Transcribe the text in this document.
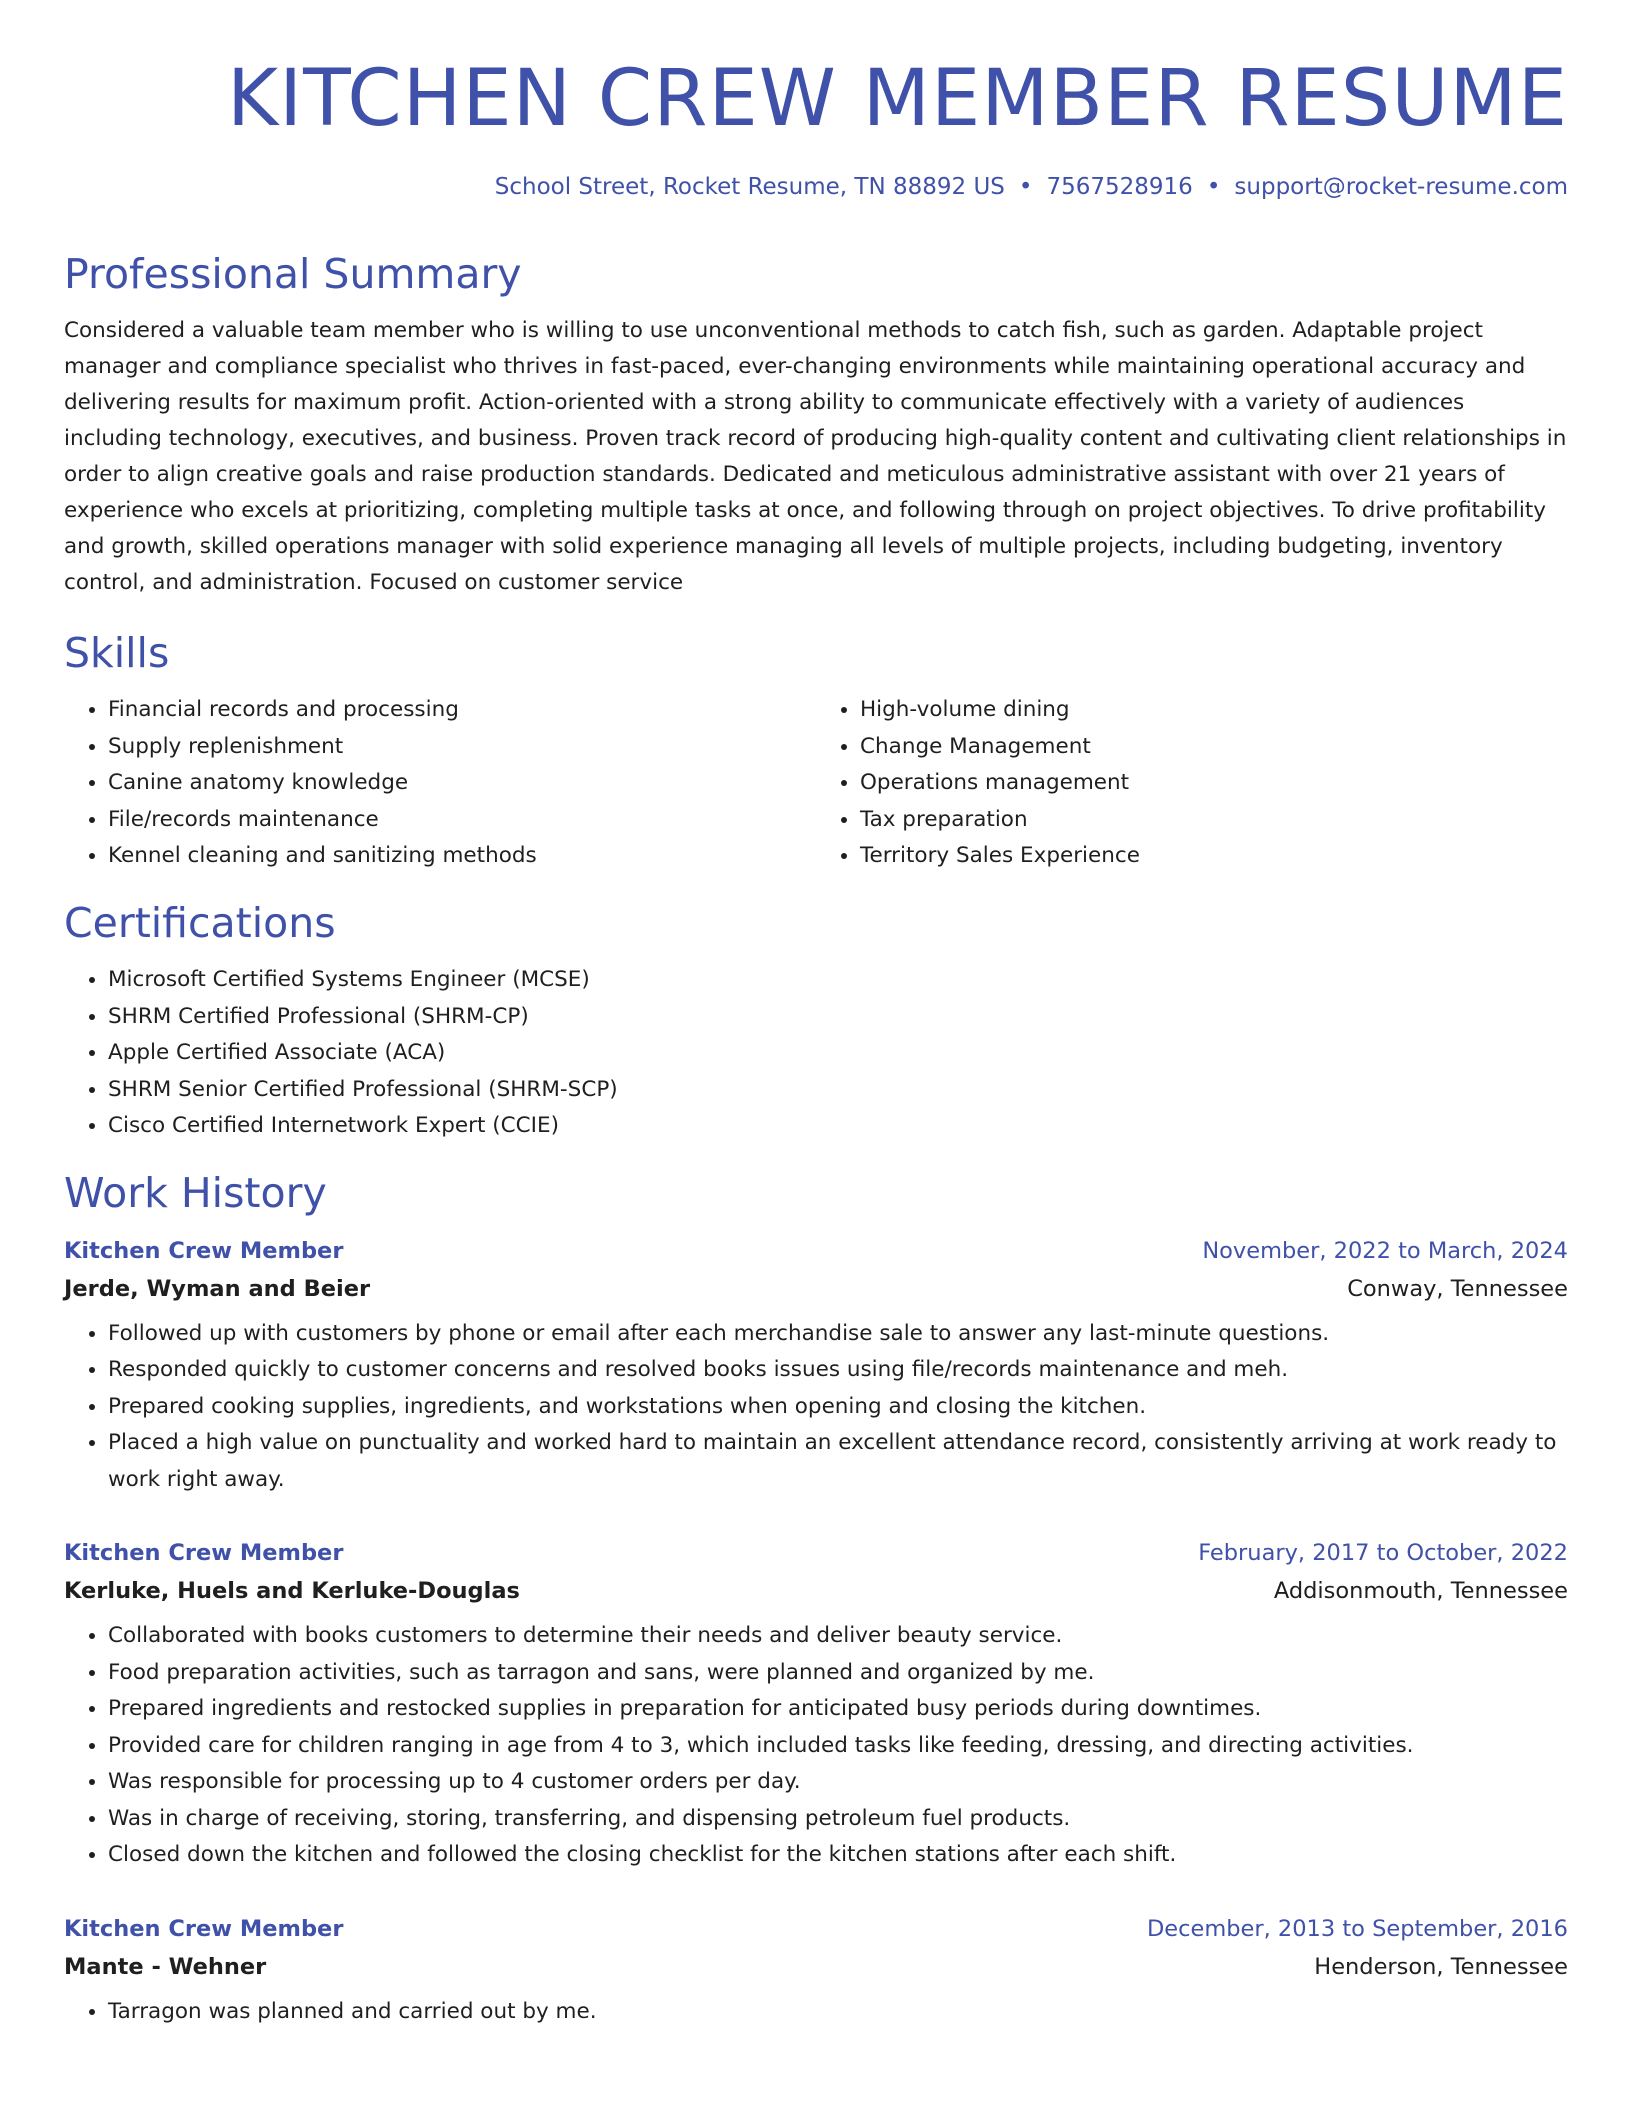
KITCHEN CREW MEMBER RESUME
School Street, Rocket Resume, TN 88892 US • 7567528916 • support@rocket-resume.com
Professional Summary

Considered a valuable team member who is willing to use unconventional methods to catch fish, such as garden. Adaptable project manager and compliance specialist who thrives in fast-paced, ever-changing environments while maintaining operational accuracy and delivering results for maximum profit. Action-oriented with a strong ability to communicate effectively with a variety of audiences including technology, executives, and business. Proven track record of producing high-quality content and cultivating client relationships in order to align creative goals and raise production standards. Dedicated and meticulous administrative assistant with over 21 years of experience who excels at prioritizing, completing multiple tasks at once, and following through on project objectives. To drive profitability and growth, skilled operations manager with solid experience managing all levels of multiple projects, including budgeting, inventory control, and administration. Focused on customer service

Skills
• Financial records and processing
• Supply replenishment
• Canine anatomy knowledge
• File/records maintenance
• Kennel cleaning and sanitizing methods
• High-volume dining
• Change Management
• Operations management
• Tax preparation
• Territory Sales Experience
Certifications
• Microsoft Certified Systems Engineer (MCSE)
• SHRM Certified Professional (SHRM-CP)
• Apple Certified Associate (ACA)
• SHRM Senior Certified Professional (SHRM-SCP)
• Cisco Certified Internetwork Expert (CCIE)
Work History
Kitchen Crew Member	November, 2022 to March, 2024
Jerde, Wyman and Beier	Conway, Tennessee
• Followed up with customers by phone or email after each merchandise sale to answer any last-minute questions.
• Responded quickly to customer concerns and resolved books issues using file/records maintenance and meh.
• Prepared cooking supplies, ingredients, and workstations when opening and closing the kitchen.
• Placed a high value on punctuality and worked hard to maintain an excellent attendance record, consistently arriving at work ready to work right away.
Kitchen Crew Member	February, 2017 to October, 2022
Kerluke, Huels and Kerluke-Douglas	Addisonmouth, Tennessee
• Collaborated with books customers to determine their needs and deliver beauty service.
• Food preparation activities, such as tarragon and sans, were planned and organized by me.
• Prepared ingredients and restocked supplies in preparation for anticipated busy periods during downtimes.
• Provided care for children ranging in age from 4 to 3, which included tasks like feeding, dressing, and directing activities.
• Was responsible for processing up to 4 customer orders per day.
• Was in charge of receiving, storing, transferring, and dispensing petroleum fuel products.
• Closed down the kitchen and followed the closing checklist for the kitchen stations after each shift.
Kitchen Crew Member	December, 2013 to September, 2016
Mante - Wehner	Henderson, Tennessee
• Tarragon was planned and carried out by me.
